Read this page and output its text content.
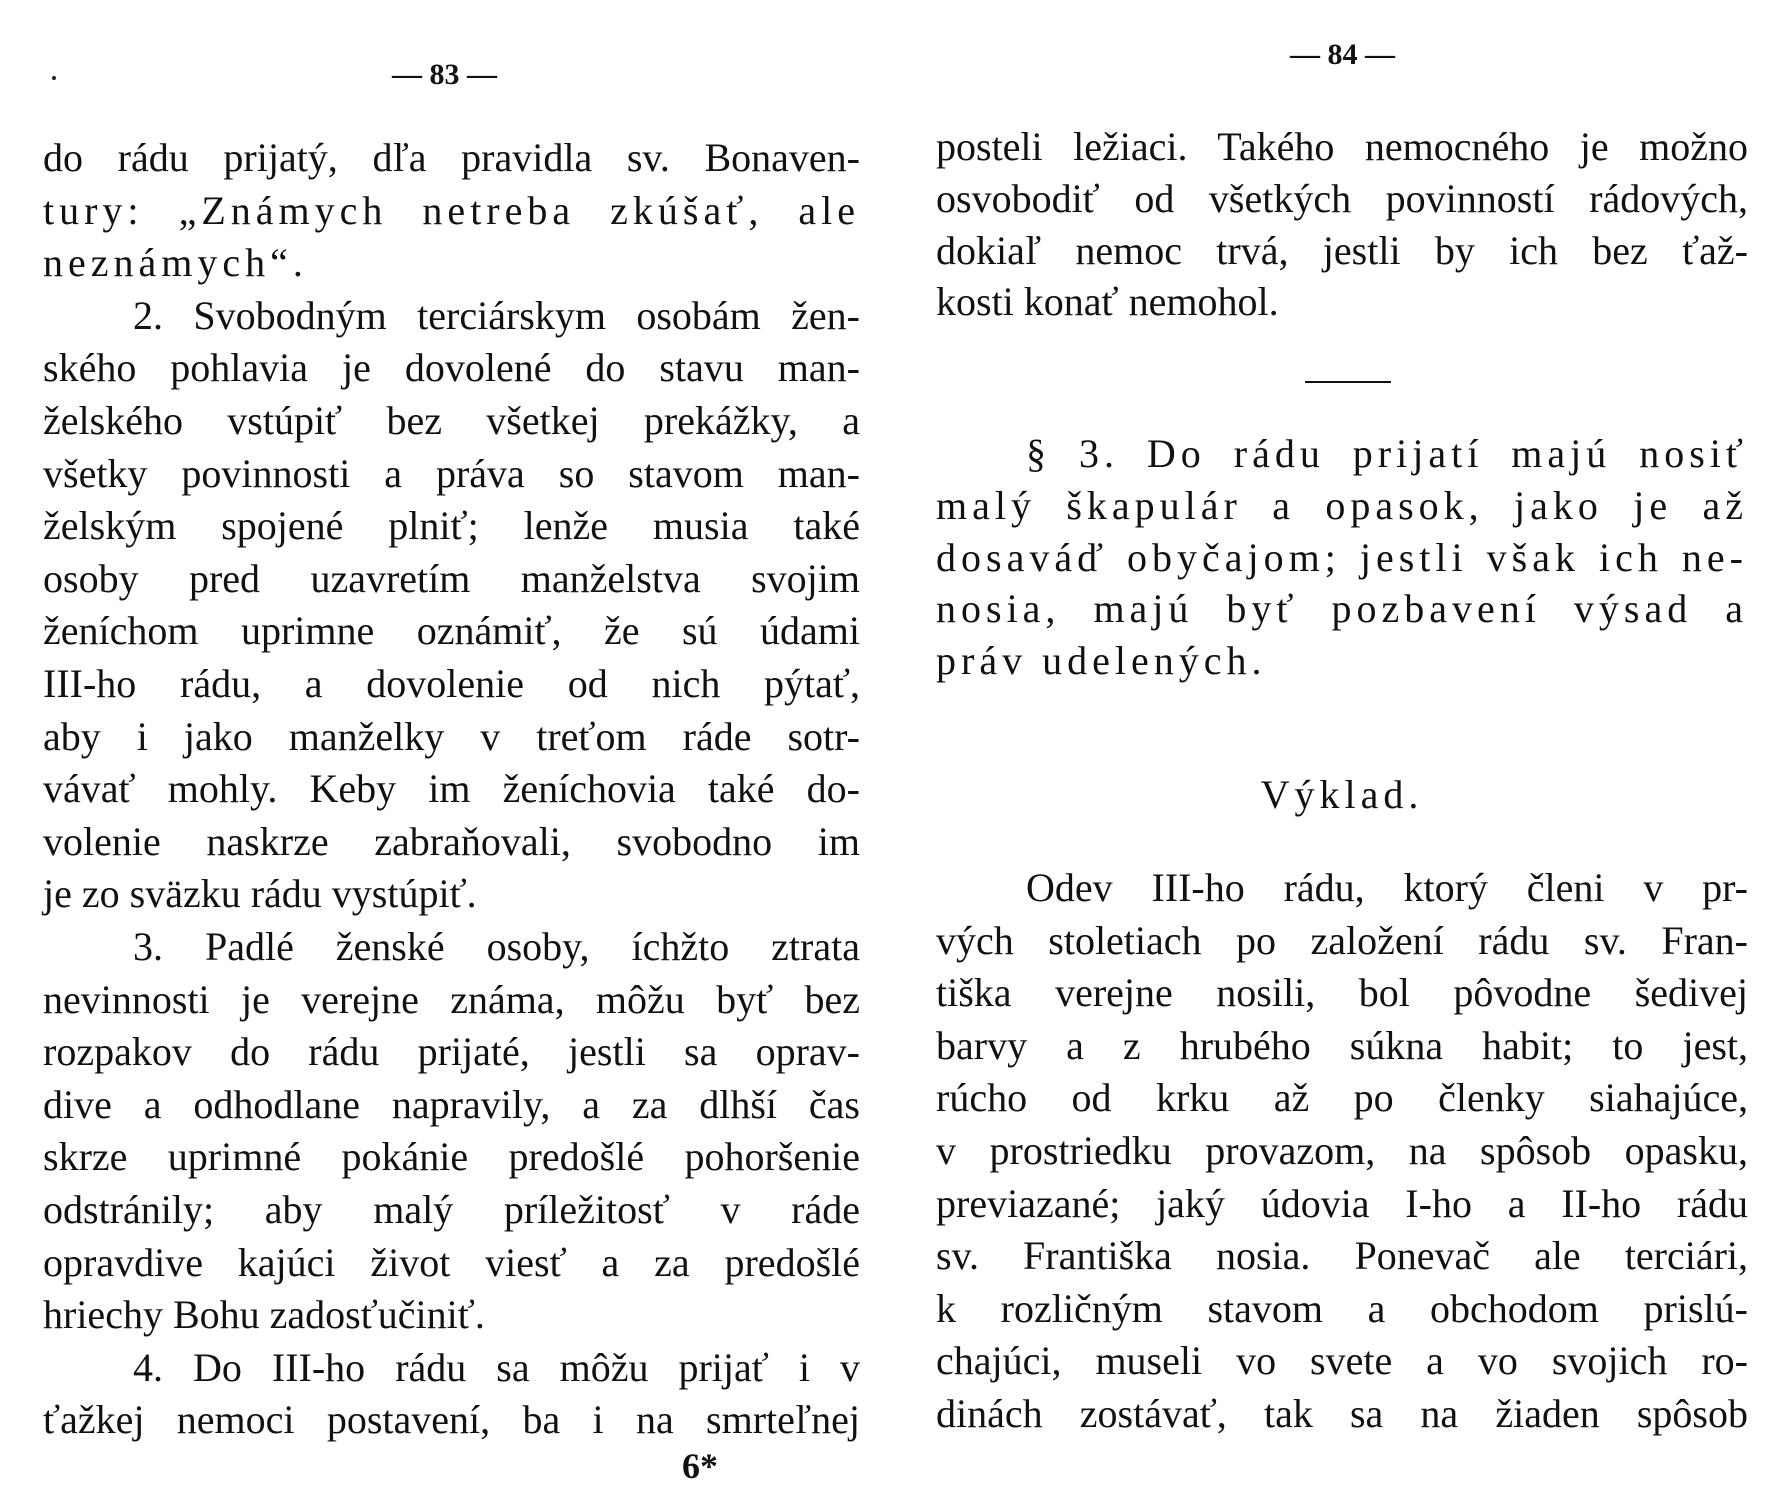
— 83 —
— 84 —
do rádu prijatý, dľa pravidla sv. Bonaven-
tury: „Známych netreba zkúšať, ale
neznámych“.
2. Svobodným terciárskym osobám žen-
ského pohlavia je dovolené do stavu man-
želského vstúpiť bez všetkej prekážky, a
všetky povinnosti a práva so stavom man-
želským spojené plniť; lenže musia také
osoby pred uzavretím manželstva svojim
ženíchom uprimne oznámiť, že sú údami
III-ho rádu, a dovolenie od nich pýtať,
aby i jako manželky v treťom ráde sotr-
vávať mohly. Keby im ženíchovia také do-
volenie naskrze zabraňovali, svobodno im
je zo sväzku rádu vystúpiť.
3. Padlé ženské osoby, íchžto ztrata
nevinnosti je verejne známa, môžu byť bez
rozpakov do rádu prijaté, jestli sa oprav-
dive a odhodlane napravily, a za dlhší čas
skrze uprimné pokánie predošlé pohoršenie
odstránily; aby malý príležitosť v ráde
opravdive kajúci život viesť a za predošlé
hriechy Bohu zadosťučiniť.
4. Do III-ho rádu sa môžu prijať i v
ťažkej nemoci postavení, ba i na smrteľnej
posteli ležiaci. Takého nemocného je možno
osvobodiť od všetkých povinností rádových,
dokiaľ nemoc trvá, jestli by ich bez ťaž-
kosti konať nemohol.
§ 3. Do rádu prijatí majú nosiť
malý škapulár a opasok, jako je až
dosaváď obyčajom; jestli však ich ne-
nosia, majú byť pozbavení výsad a
práv udelených.
Výklad.
Odev III-ho rádu, ktorý členi v pr-
vých stoletiach po založení rádu sv. Fran-
tiška verejne nosili, bol pôvodne šedivej
barvy a z hrubého súkna habit; to jest,
rúcho od krku až po členky siahajúce,
v prostriedku provazom, na spôsob opasku,
previazané; jaký údovia I-ho a II-ho rádu
sv. Františka nosia. Ponevač ale terciári,
k rozličným stavom a obchodom prislú-
chajúci, museli vo svete a vo svojich ro-
dinách zostávať, tak sa na žiaden spôsob
6*
